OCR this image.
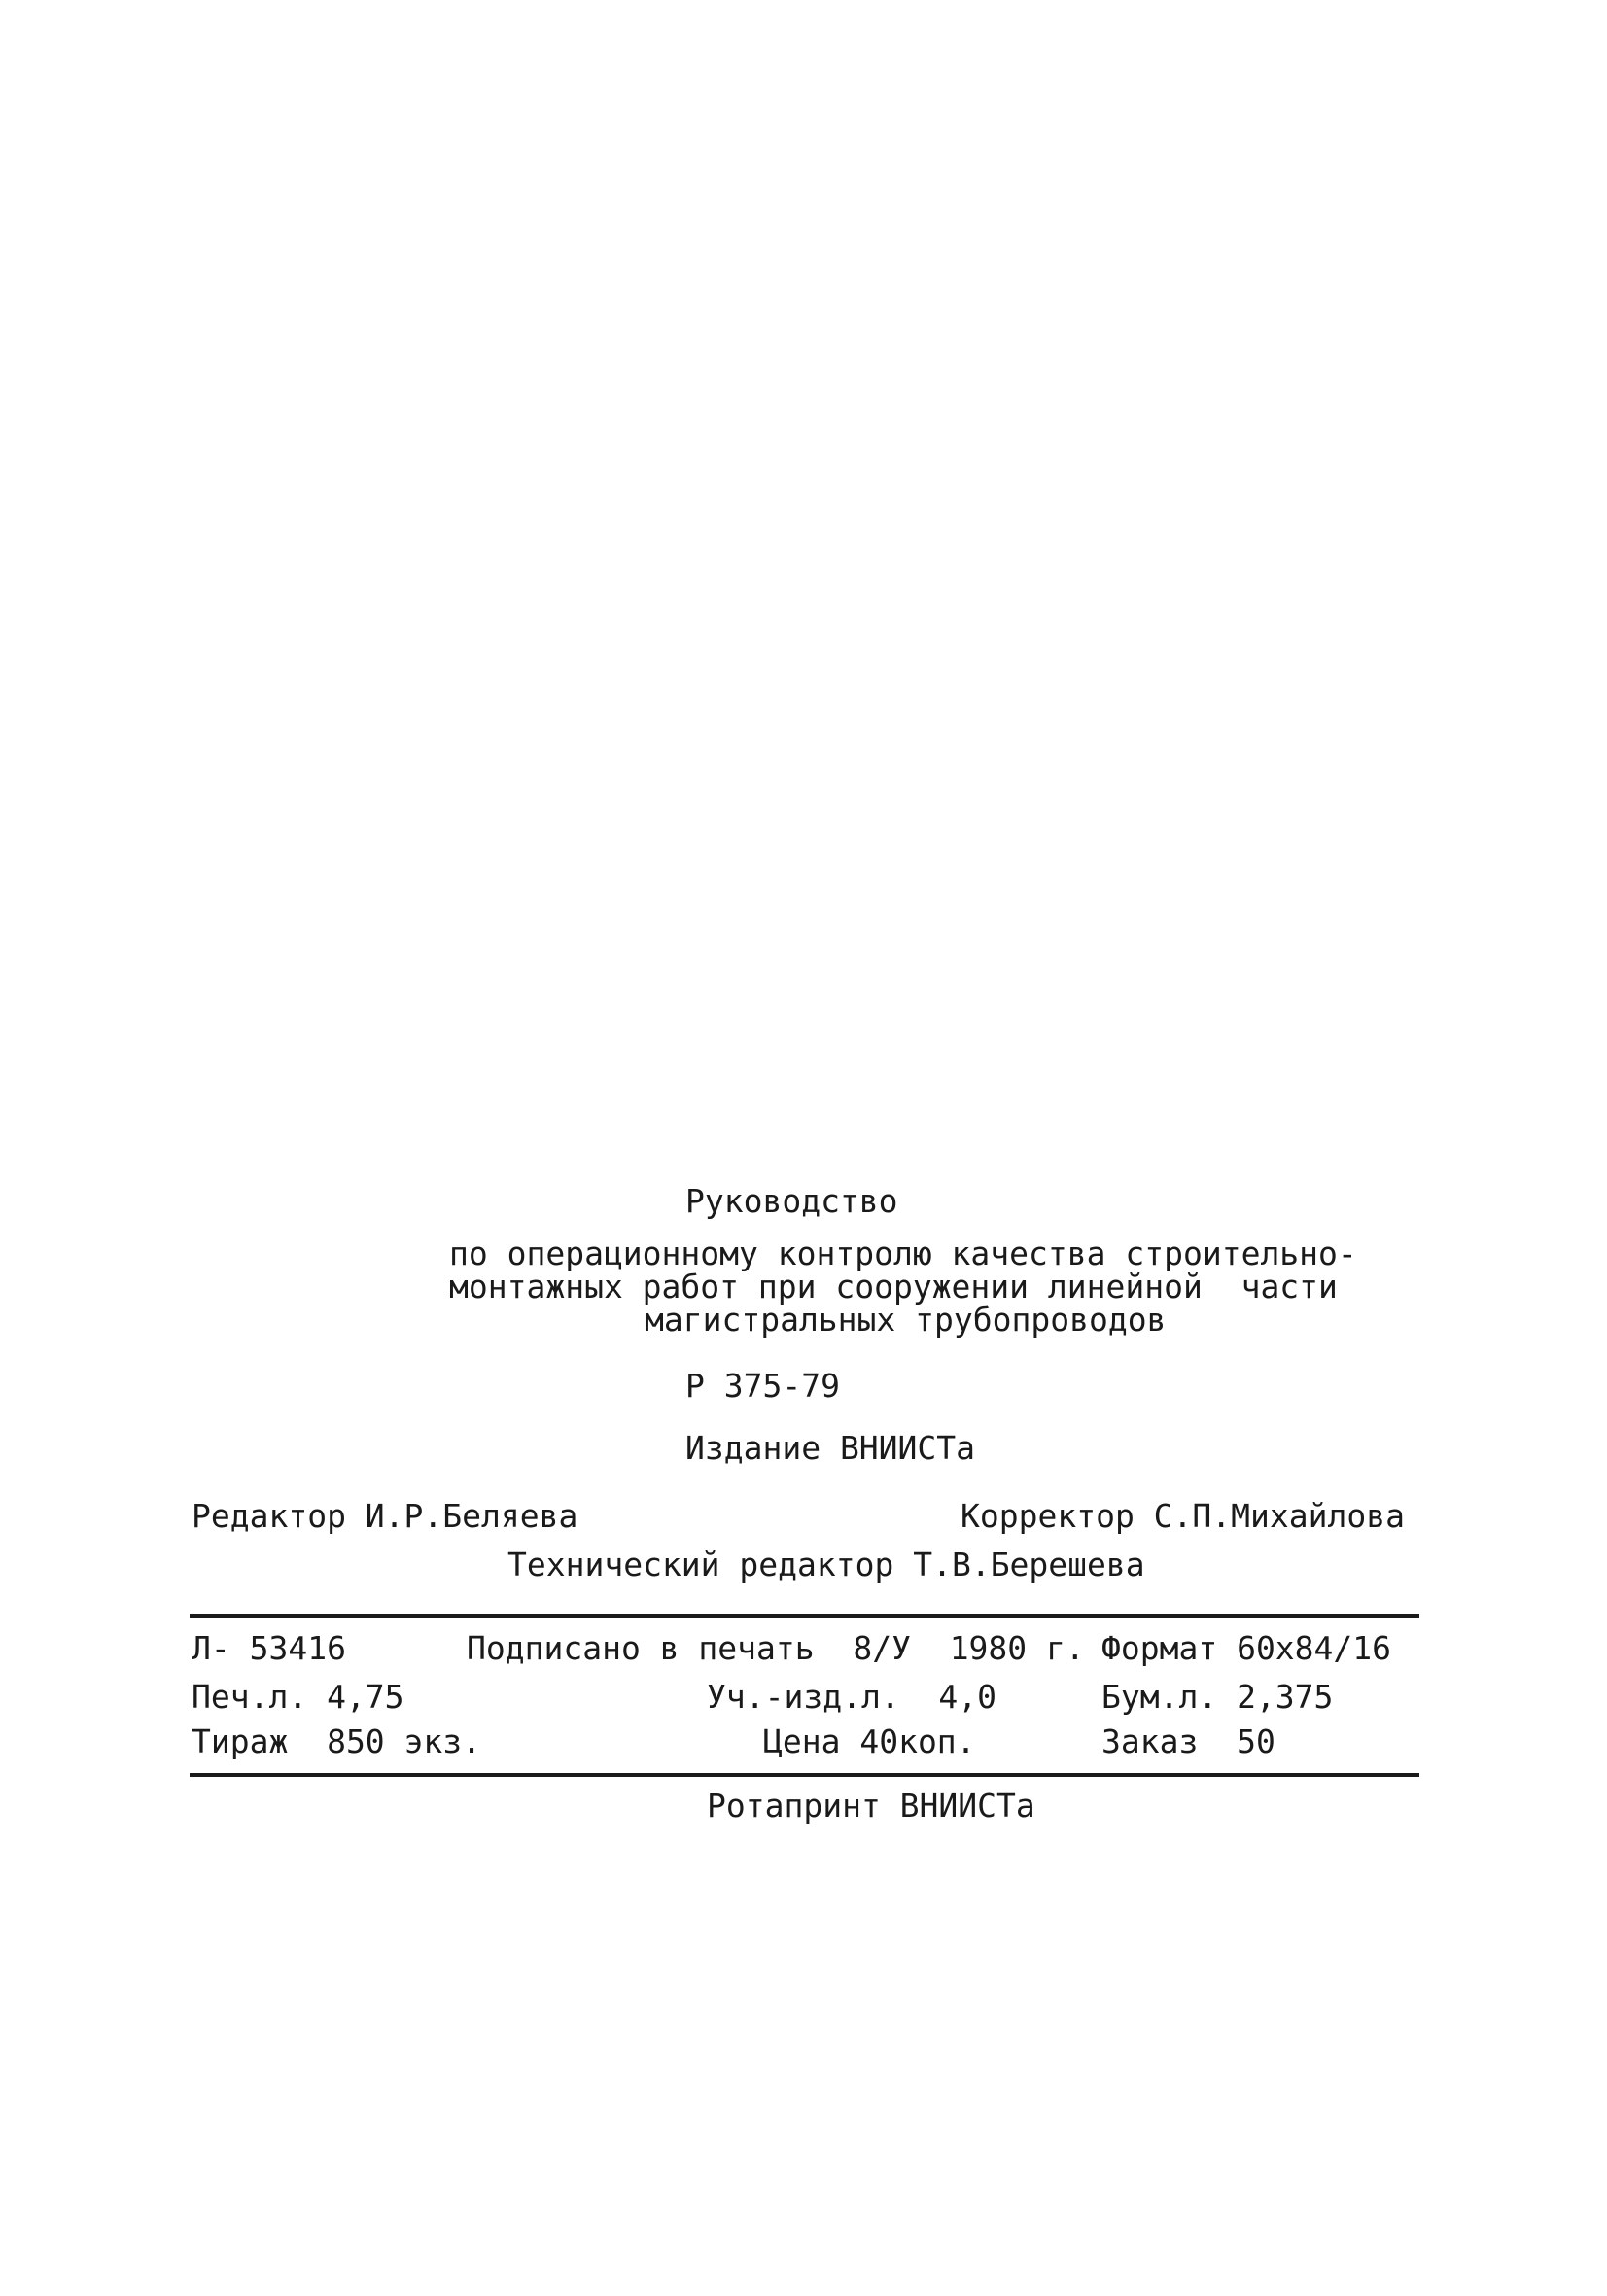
Руководство
по операционному контролю качества строительно-
монтажных работ при сооружении линейной  части
магистральных трубопроводов
Р 375-79
Издание ВНИИСТа
Редактор И.Р.Беляева	Корректор С.П.Михайлова
Технический редактор Т.В.Берешева
Л- 53416	Подписано в печать  8/У  1980 г. Формат 60х84/16
Печ.л. 4,75	Уч.-изд.л.  4,0	Бум.л. 2,375
Тираж  850 экз.	Цена 40коп.	Заказ  50
Ротапринт ВНИИСТа
